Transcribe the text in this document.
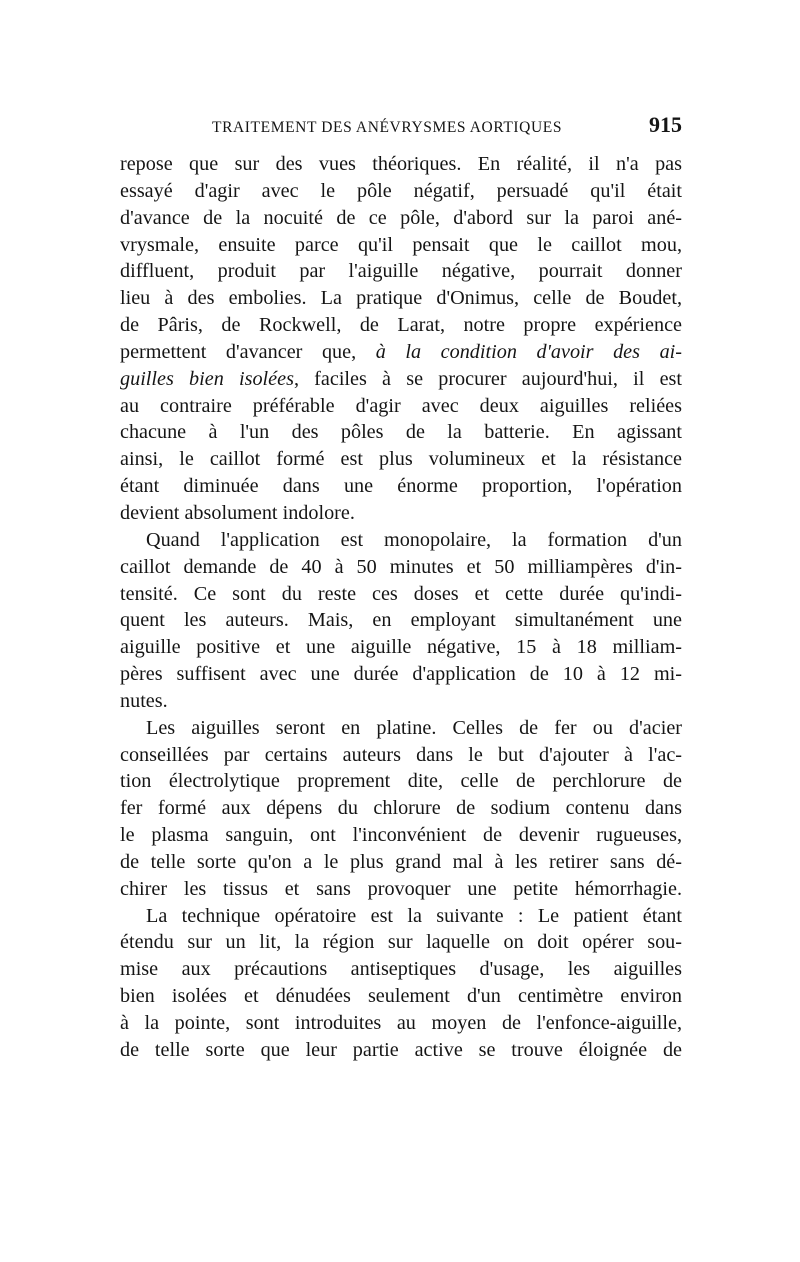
TRAITEMENT DES ANÉVRYSMES AORTIQUES	915
repose que sur des vues théoriques. En réalité, il n'a pas
essayé d'agir avec le pôle négatif, persuadé qu'il était
d'avance de la nocuité de ce pôle, d'abord sur la paroi ané-
vrysmale, ensuite parce qu'il pensait que le caillot mou,
diffluent, produit par l'aiguille négative, pourrait donner
lieu à des embolies. La pratique d'Onimus, celle de Boudet,
de Pâris, de Rockwell, de Larat, notre propre expérience
permettent d'avancer que, à la condition d'avoir des ai-
guilles bien isolées, faciles à se procurer aujourd'hui, il est
au contraire préférable d'agir avec deux aiguilles reliées
chacune à l'un des pôles de la batterie. En agissant
ainsi, le caillot formé est plus volumineux et la résistance
étant diminuée dans une énorme proportion, l'opération
devient absolument indolore.
Quand l'application est monopolaire, la formation d'un
caillot demande de 40 à 50 minutes et 50 milliampères d'in-
tensité. Ce sont du reste ces doses et cette durée qu'indi-
quent les auteurs. Mais, en employant simultanément une
aiguille positive et une aiguille négative, 15 à 18 milliam-
pères suffisent avec une durée d'application de 10 à 12 mi-
nutes.
Les aiguilles seront en platine. Celles de fer ou d'acier
conseillées par certains auteurs dans le but d'ajouter à l'ac-
tion électrolytique proprement dite, celle de perchlorure de
fer formé aux dépens du chlorure de sodium contenu dans
le plasma sanguin, ont l'inconvénient de devenir rugueuses,
de telle sorte qu'on a le plus grand mal à les retirer sans dé-
chirer les tissus et sans provoquer une petite hémorrhagie.
La technique opératoire est la suivante : Le patient étant
étendu sur un lit, la région sur laquelle on doit opérer sou-
mise aux précautions antiseptiques d'usage, les aiguilles
bien isolées et dénudées seulement d'un centimètre environ
à la pointe, sont introduites au moyen de l'enfonce-aiguille,
de telle sorte que leur partie active se trouve éloignée de
